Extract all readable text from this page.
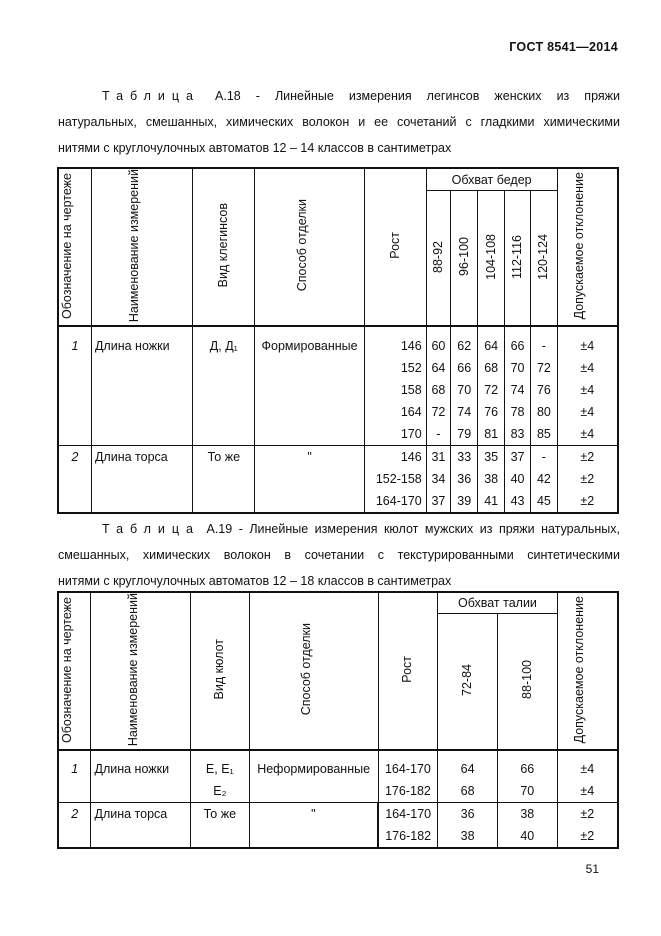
ГОСТ 8541—2014
Таблица А.18 - Линейные измерения легинсов женских из пряжи
натуральных, смешанных, химических волокон и ее сочетаний с гладкими химическими
нитями с круглочулочных автоматов 12 – 14 классов в сантиметрах
Обозначение на чертеже	Наименование измерений	Вид клегинсов	Способ отделки	Рост	Обхват бедер					Допускаемое отклонение
					88-92	96-100	104-108	112-116	120-124	

1	Длина ножки	Д, Д₁	Формированные	146	60	62	64	66	-	±4
				152	64	66	68	70	72	±4
				158	68	70	72	74	76	±4
				164	72	74	76	78	80	±4
				170	-	79	81	83	85	±4
2	Длина торса	То же	"	146	31	33	35	37	-	±2
				152-158	34	36	38	40	42	±2
				164-170	37	39	41	43	45	±2
Таблица А.19 - Линейные измерения кюлот мужских из пряжи натуральных,
смешанных, химических волокон в сочетании с текстурированными синтетическими
нитями с круглочулочных автоматов 12 – 18 классов в сантиметрах
Обозначение на чертеже	Наименование измерений	Вид кюлот	Способ отделки	Рост	Обхват талии		Допускаемое отклонение
					72-84	88-100	

1	Длина ножки	Е, Е₁	Неформированные	164-170	64	66	±4
		Е₂		176-182	68	70	±4
2	Длина торса	То же	"	164-170	36	38	±2
				176-182	38	40	±2
51
